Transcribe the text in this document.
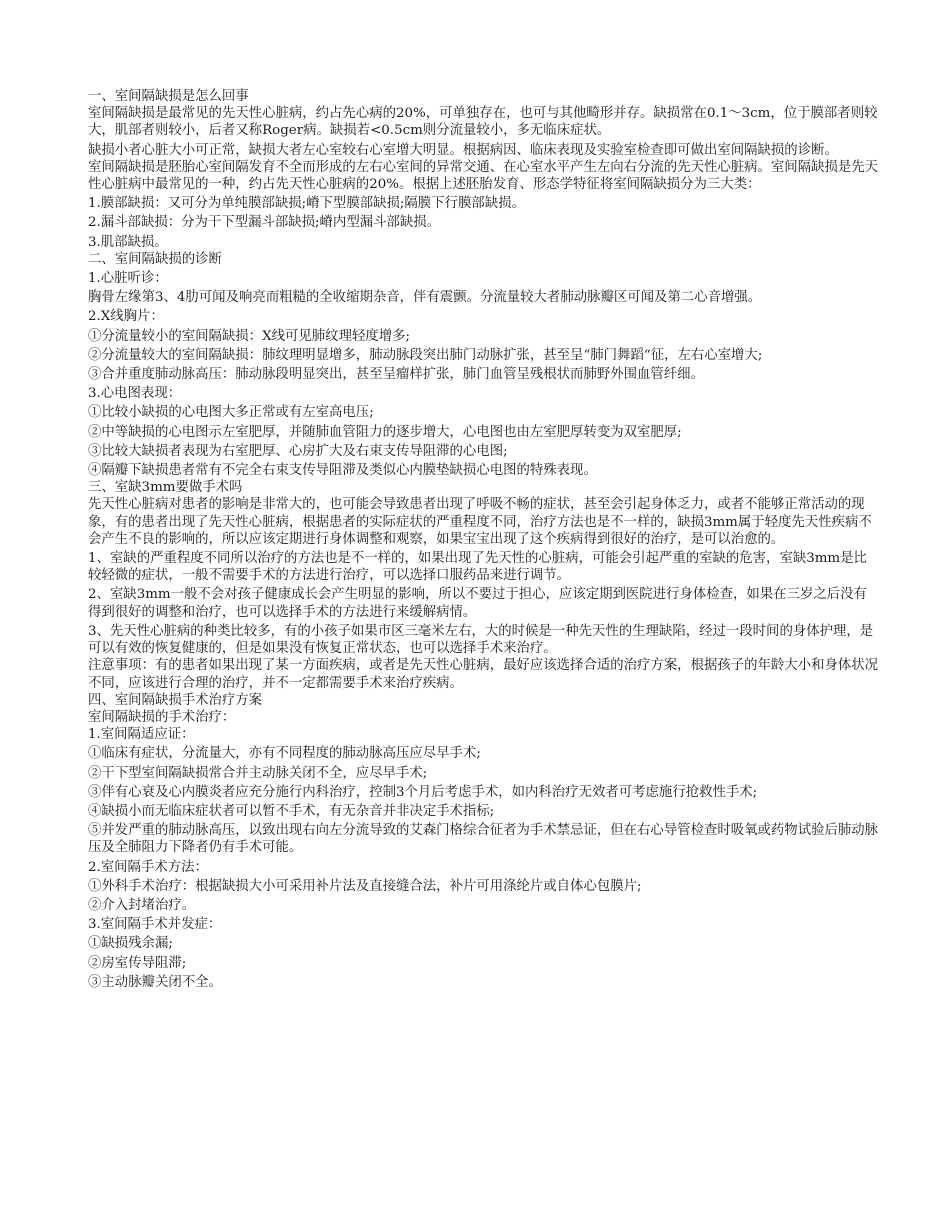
一、室间隔缺损是怎么回事

室间隔缺损是最常见的先天性心脏病，约占先心病的20%，可单独存在，也可与其他畸形并存。缺损常在0.1～3cm，位于膜部者则较大，肌部者则较小，后者又称Roger病。缺损若<0.5cm则分流量较小，多无临床症状。

缺损小者心脏大小可正常，缺损大者左心室较右心室增大明显。根据病因、临床表现及实验室检查即可做出室间隔缺损的诊断。

室间隔缺损是胚胎心室间隔发育不全而形成的左右心室间的异常交通、在心室水平产生左向右分流的先天性心脏病。室间隔缺损是先天性心脏病中最常见的一种，约占先天性心脏病的20%。根据上述胚胎发育、形态学特征将室间隔缺损分为三大类：

1.膜部缺损：又可分为单纯膜部缺损;嵴下型膜部缺损;隔膜下行膜部缺损。

2.漏斗部缺损：分为干下型漏斗部缺损;嵴内型漏斗部缺损。

3.肌部缺损。

二、室间隔缺损的诊断

1.心脏听诊：

胸骨左缘第3、4肋可闻及响亮而粗糙的全收缩期杂音，伴有震颤。分流量较大者肺动脉瓣区可闻及第二心音增强。

2.X线胸片：

①分流量较小的室间隔缺损：X线可见肺纹理轻度增多;

②分流量较大的室间隔缺损：肺纹理明显增多，肺动脉段突出肺门动脉扩张，甚至呈“肺门舞蹈“征，左右心室增大;

③合并重度肺动脉高压：肺动脉段明显突出，甚至呈瘤样扩张，肺门血管呈残根状而肺野外围血管纤细。

3.心电图表现：

①比较小缺损的心电图大多正常或有左室高电压;

②中等缺损的心电图示左室肥厚，并随肺血管阻力的逐步增大，心电图也由左室肥厚转变为双室肥厚;

③比较大缺损者表现为右室肥厚、心房扩大及右束支传导阻滞的心电图;

④隔瓣下缺损患者常有不完全右束支传导阻滞及类似心内膜垫缺损心电图的特殊表现。

三、室缺3mm要做手术吗

先天性心脏病对患者的影响是非常大的，也可能会导致患者出现了呼吸不畅的症状，甚至会引起身体乏力，或者不能够正常活动的现象，有的患者出现了先天性心脏病，根据患者的实际症状的严重程度不同，治疗方法也是不一样的，缺损3mm属于轻度先天性疾病不会产生不良的影响的，所以应该定期进行身体调整和观察，如果宝宝出现了这个疾病得到很好的治疗，是可以治愈的。

1、室缺的严重程度不同所以治疗的方法也是不一样的，如果出现了先天性的心脏病，可能会引起严重的室缺的危害，室缺3mm是比较轻微的症状，一般不需要手术的方法进行治疗，可以选择口服药品来进行调节。

2、室缺3mm一般不会对孩子健康成长会产生明显的影响，所以不要过于担心，应该定期到医院进行身体检查，如果在三岁之后没有得到很好的调整和治疗，也可以选择手术的方法进行来缓解病情。

3、先天性心脏病的种类比较多，有的小孩子如果市区三毫米左右，大的时候是一种先天性的生理缺陷，经过一段时间的身体护理，是可以有效的恢复健康的，但是如果没有恢复正常状态，也可以选择手术来治疗。

注意事项：有的患者如果出现了某一方面疾病，或者是先天性心脏病，最好应该选择合适的治疗方案，根据孩子的年龄大小和身体状况不同，应该进行合理的治疗，并不一定都需要手术来治疗疾病。

四、室间隔缺损手术治疗方案

室间隔缺损的手术治疗：

1.室间隔适应证：

①临床有症状，分流量大，亦有不同程度的肺动脉高压应尽早手术;

②干下型室间隔缺损常合并主动脉关闭不全，应尽早手术;

③伴有心衰及心内膜炎者应充分施行内科治疗，控制3个月后考虑手术，如内科治疗无效者可考虑施行抢救性手术;

④缺损小而无临床症状者可以暂不手术，有无杂音并非决定手术指标;

⑤并发严重的肺动脉高压，以致出现右向左分流导致的艾森门格综合征者为手术禁忌证，但在右心导管检查时吸氧或药物试验后肺动脉压及全肺阻力下降者仍有手术可能。

2.室间隔手术方法：

①外科手术治疗：根据缺损大小可采用补片法及直接缝合法，补片可用涤纶片或自体心包膜片;

②介入封堵治疗。

3.室间隔手术并发症：

①缺损残余漏;

②房室传导阻滞;

③主动脉瓣关闭不全。
